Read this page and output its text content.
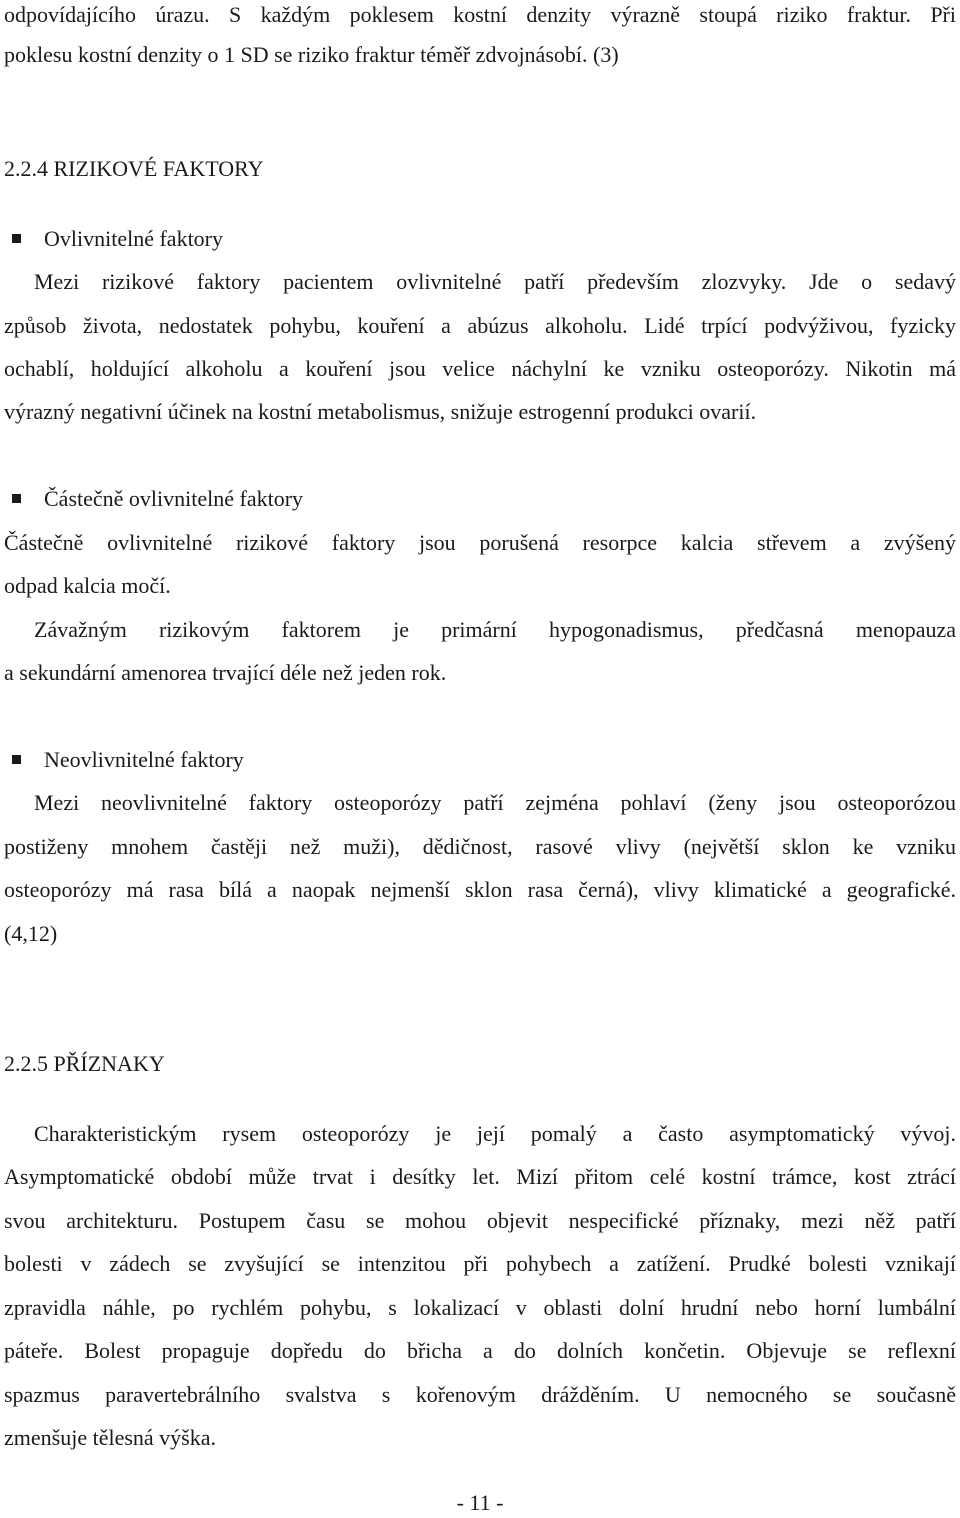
odpovídajícího úrazu. S každým poklesem kostní denzity výrazně stoupá riziko fraktur. Při
poklesu kostní denzity o 1 SD se riziko fraktur téměř zdvojnásobí. (3)
2.2.4 RIZIKOVÉ FAKTORY
Ovlivnitelné faktory
Mezi rizikové faktory pacientem ovlivnitelné patří především zlozvyky. Jde o sedavý
způsob života, nedostatek pohybu, kouření a abúzus alkoholu. Lidé trpící podvýživou, fyzicky
ochablí, holdující alkoholu a kouření jsou velice náchylní ke vzniku osteoporózy. Nikotin má
výrazný negativní účinek na kostní metabolismus, snižuje estrogenní produkci ovarií.
Částečně ovlivnitelné faktory
Částečně ovlivnitelné rizikové faktory jsou porušená resorpce kalcia střevem a zvýšený
odpad kalcia močí.
Závažným rizikovým faktorem je primární hypogonadismus, předčasná menopauza
a sekundární amenorea trvající déle než jeden rok.
Neovlivnitelné faktory
Mezi neovlivnitelné faktory osteoporózy patří zejména pohlaví (ženy jsou osteoporózou
postiženy mnohem častěji než muži), dědičnost, rasové vlivy (největší sklon ke vzniku
osteoporózy má rasa bílá a naopak nejmenší sklon rasa černá), vlivy klimatické a geografické.
(4,12)
2.2.5 PŘÍZNAKY
Charakteristickým rysem osteoporózy je její pomalý a často asymptomatický vývoj.
Asymptomatické období může trvat i desítky let. Mizí přitom celé kostní trámce, kost ztrácí
svou architekturu. Postupem času se mohou objevit nespecifické příznaky, mezi něž patří
bolesti v zádech se zvyšující se intenzitou při pohybech a zatížení. Prudké bolesti vznikají
zpravidla náhle, po rychlém pohybu, s lokalizací v oblasti dolní hrudní nebo horní lumbální
páteře. Bolest propaguje dopředu do břicha a do dolních končetin. Objevuje se reflexní
spazmus paravertebrálního svalstva s kořenovým drážděním. U nemocného se současně
zmenšuje tělesná výška.
- 11 -
